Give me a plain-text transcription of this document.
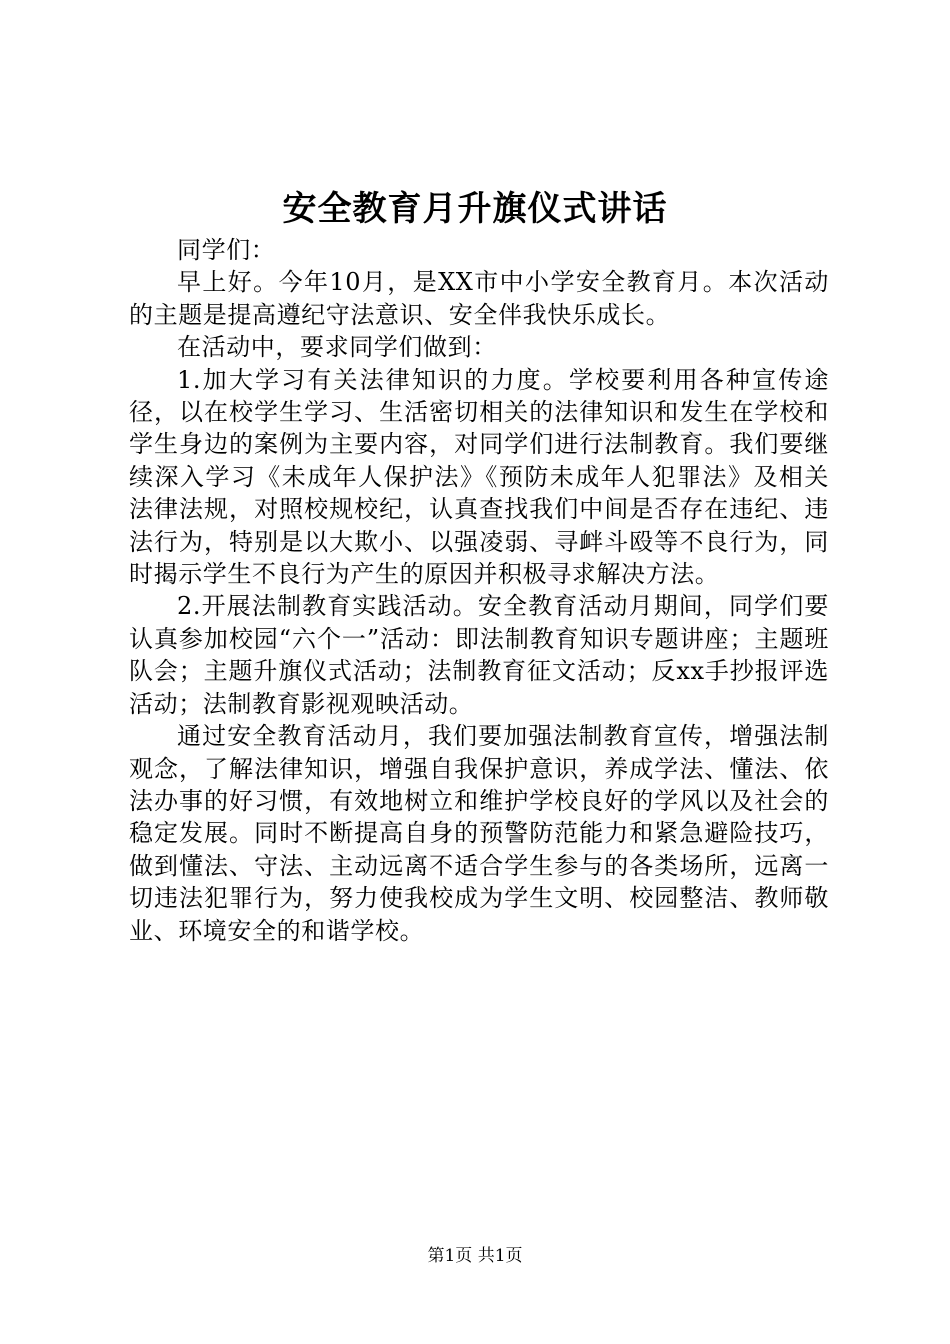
安全教育月升旗仪式讲话

同学们：

早上好。今年10月，是XX市中小学安全教育月。本次活动的主题是提高遵纪守法意识、安全伴我快乐成长。

在活动中，要求同学们做到：

1.加大学习有关法律知识的力度。学校要利用各种宣传途径，以在校学生学习、生活密切相关的法律知识和发生在学校和学生身边的案例为主要内容，对同学们进行法制教育。我们要继续深入学习《未成年人保护法》《预防未成年人犯罪法》及相关法律法规，对照校规校纪，认真查找我们中间是否存在违纪、违法行为，特别是以大欺小、以强凌弱、寻衅斗殴等不良行为，同时揭示学生不良行为产生的原因并积极寻求解决方法。

2.开展法制教育实践活动。安全教育活动月期间，同学们要认真参加校园“六个一”活动：即法制教育知识专题讲座；主题班队会；主题升旗仪式活动；法制教育征文活动；反xx手抄报评选活动；法制教育影视观映活动。

通过安全教育活动月，我们要加强法制教育宣传，增强法制观念，了解法律知识，增强自我保护意识，养成学法、懂法、依法办事的好习惯，有效地树立和维护学校良好的学风以及社会的稳定发展。同时不断提高自身的预警防范能力和紧急避险技巧，做到懂法、守法、主动远离不适合学生参与的各类场所，远离一切违法犯罪行为，努力使我校成为学生文明、校园整洁、教师敬业、环境安全的和谐学校。

第1页 共1页
